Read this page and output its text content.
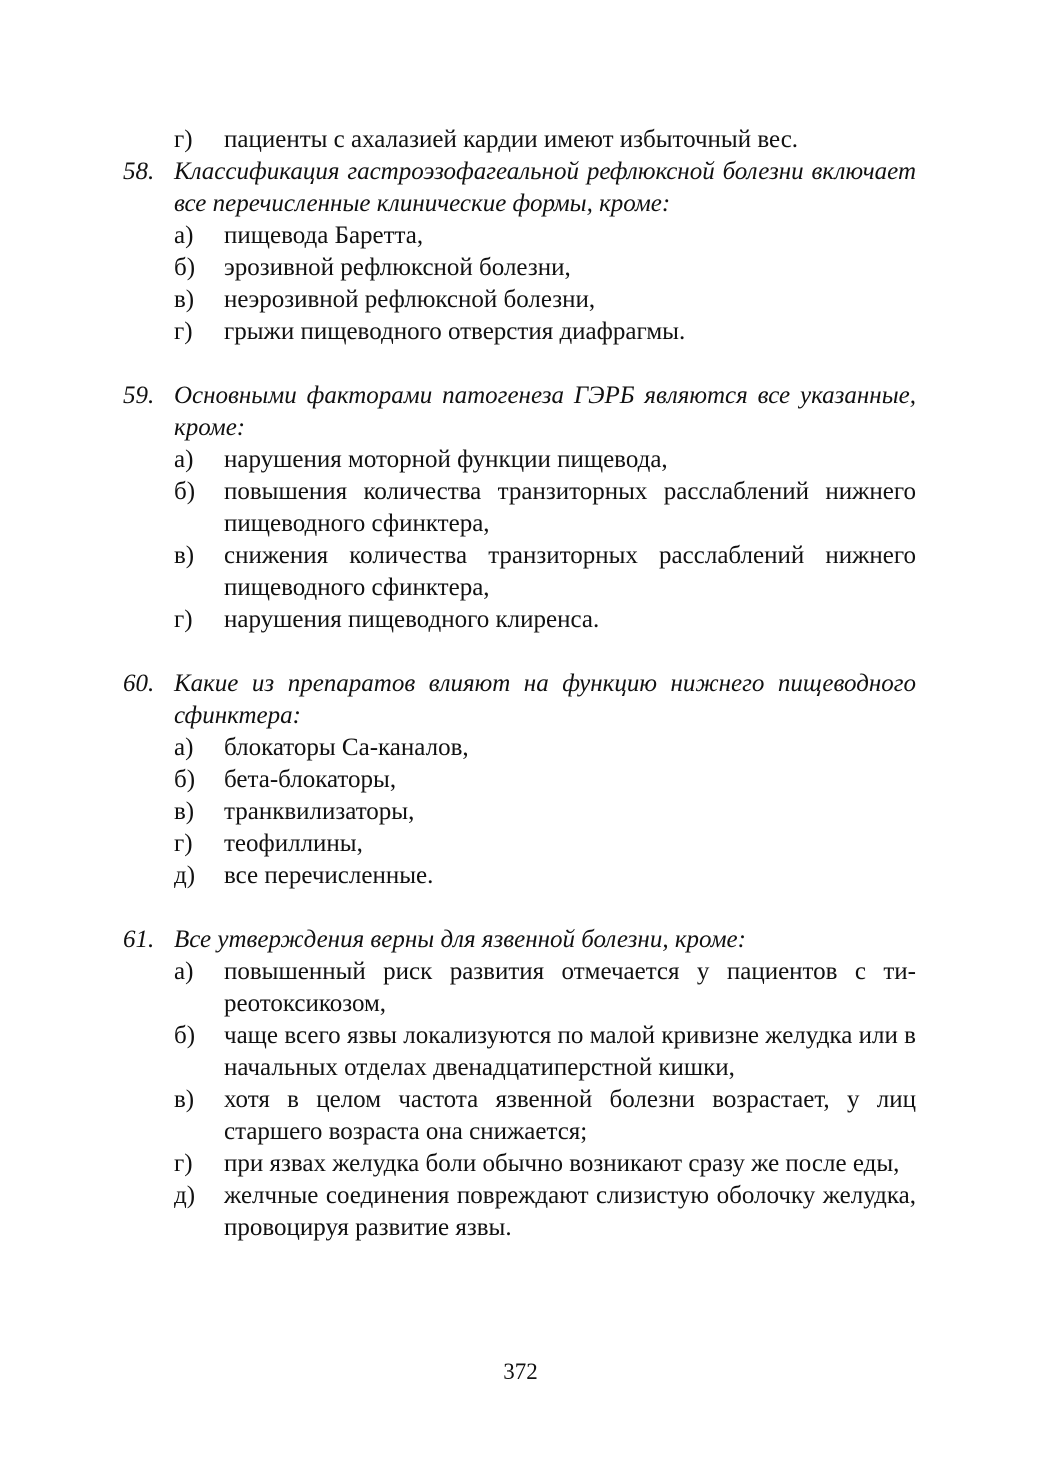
г)	пациенты с ахалазией кардии имеют избыточный вес.
58. Классификация гастроэзофагеальной рефлюксной болезни включает все перечисленные клинические формы, кроме:
а)	пищевода Баретта,
б)	эрозивной рефлюксной болезни,
в)	неэрозивной рефлюксной болезни,
г)	грыжи пищеводного отверстия диафрагмы.
59. Основными факторами патогенеза ГЭРБ являются все указанные, кроме:
а)	нарушения моторной функции пищевода,
б)	повышения количества транзиторных расслаблений нижнего пищеводного сфинктера,
в)	снижения количества транзиторных расслаблений нижнего пищеводного сфинктера,
г)	нарушения пищеводного клиренса.
60. Какие из препаратов влияют на функцию нижнего пищеводного сфинктера:
а)	блокаторы Са-каналов,
б)	бета-блокаторы,
в)	транквилизаторы,
г)	теофиллины,
д)	все перечисленные.
61. Все утверждения верны для язвенной болезни, кроме:
а)	повышенный риск развития отмечается у пациентов с тиреотоксикозом,
б)	чаще всего язвы локализуются по малой кривизне желудка или в начальных отделах двенадцатиперстной кишки,
в)	хотя в целом частота язвенной болезни возрастает, у лиц старшего возраста она снижается;
г)	при язвах желудка боли обычно возникают сразу же после еды,
д)	желчные соединения повреждают слизистую оболочку желудка, провоцируя развитие язвы.
372
